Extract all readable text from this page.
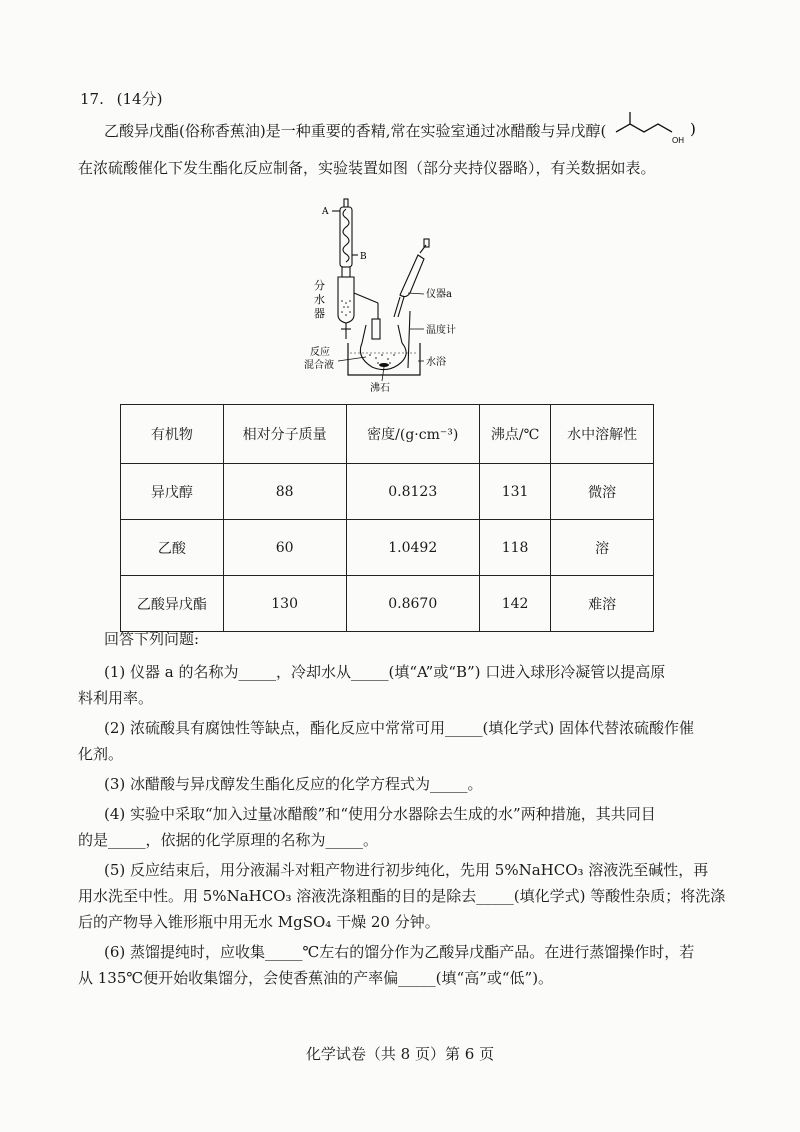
17. (14分)
乙酸异戊酯(俗称香蕉油)是一种重要的香精,常在实验室通过冰醋酸与异戊醇(
OH
)
在浓硫酸催化下发生酯化反应制备，实验装置如图（部分夹持仪器略），有关数据如表。
A
B
分
水
器
仪器a
温度计
水浴
反应
混合液
沸石
有机物	相对分子质量	密度/(g·cm⁻³)	沸点/℃	水中溶解性
异戊醇	88	0.8123	131	微溶
乙酸	60	1.0492	118	溶
乙酸异戊酯	130	0.8670	142	难溶
回答下列问题:
(1) 仪器 a 的名称为_____，冷却水从_____(填“A”或“B”) 口进入球形冷凝管以提高原
料利用率。
(2) 浓硫酸具有腐蚀性等缺点，酯化反应中常常可用_____(填化学式) 固体代替浓硫酸作催
化剂。
(3) 冰醋酸与异戊醇发生酯化反应的化学方程式为_____。
(4) 实验中采取“加入过量冰醋酸”和“使用分水器除去生成的水”两种措施，其共同目
的是_____，依据的化学原理的名称为_____。
(5) 反应结束后，用分液漏斗对粗产物进行初步纯化，先用 5%NaHCO₃ 溶液洗至碱性，再
用水洗至中性。用 5%NaHCO₃ 溶液洗涤粗酯的目的是除去_____(填化学式) 等酸性杂质；将洗涤
后的产物导入锥形瓶中用无水 MgSO₄ 干燥 20 分钟。
(6) 蒸馏提纯时，应收集_____℃左右的馏分作为乙酸异戊酯产品。在进行蒸馏操作时，若
从 135℃便开始收集馏分，会使香蕉油的产率偏_____(填“高”或“低”)。
化学试卷（共 8 页）第 6 页
